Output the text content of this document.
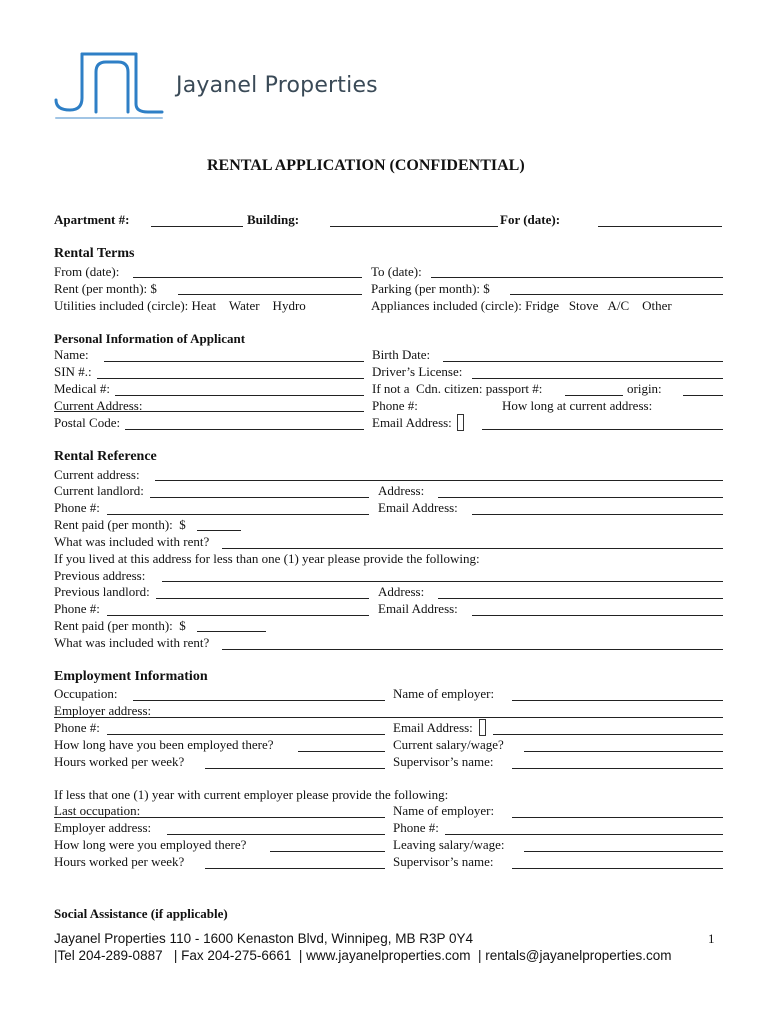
Jayanel Properties
RENTAL APPLICATION (CONFIDENTIAL)
Apartment #:	Building:	For (date):
Rental Terms
From (date):	To (date):
Rent (per month): $	Parking (per month): $
Utilities included (circle): Heat    Water    Hydro	Appliances included (circle): Fridge   Stove   A/C    Other
Personal Information of Applicant
Name:	Birth Date:
SIN #.:	Driver’s License:
Medical #:	If not a  Cdn. citizen: passport #:	origin:
Current Address:	Phone #:	How long at current address:
Postal Code:	Email Address:
Rental Reference
Current address:
Current landlord:	Address:
Phone #:	Email Address:
Rent paid (per month):  $
What was included with rent?
If you lived at this address for less than one (1) year please provide the following:
Previous address:
Previous landlord:	Address:
Phone #:	Email Address:
Rent paid (per month):  $
What was included with rent?
Employment Information
Occupation:	Name of employer:
Employer address:
Phone #:	Email Address:
How long have you been employed there?	Current salary/wage?
Hours worked per week?	Supervisor’s name:
If less that one (1) year with current employer please provide the following:
Last occupation:	Name of employer:
Employer address:	Phone #:
How long were you employed there?	Leaving salary/wage:
Hours worked per week?	Supervisor’s name:
Social Assistance (if applicable)
Jayanel Properties 110 - 1600 Kenaston Blvd, Winnipeg, MB R3P 0Y4
|Tel 204-289-0887   | Fax 204-275-6661  | www.jayanelproperties.com  | rentals@jayanelproperties.com
1
